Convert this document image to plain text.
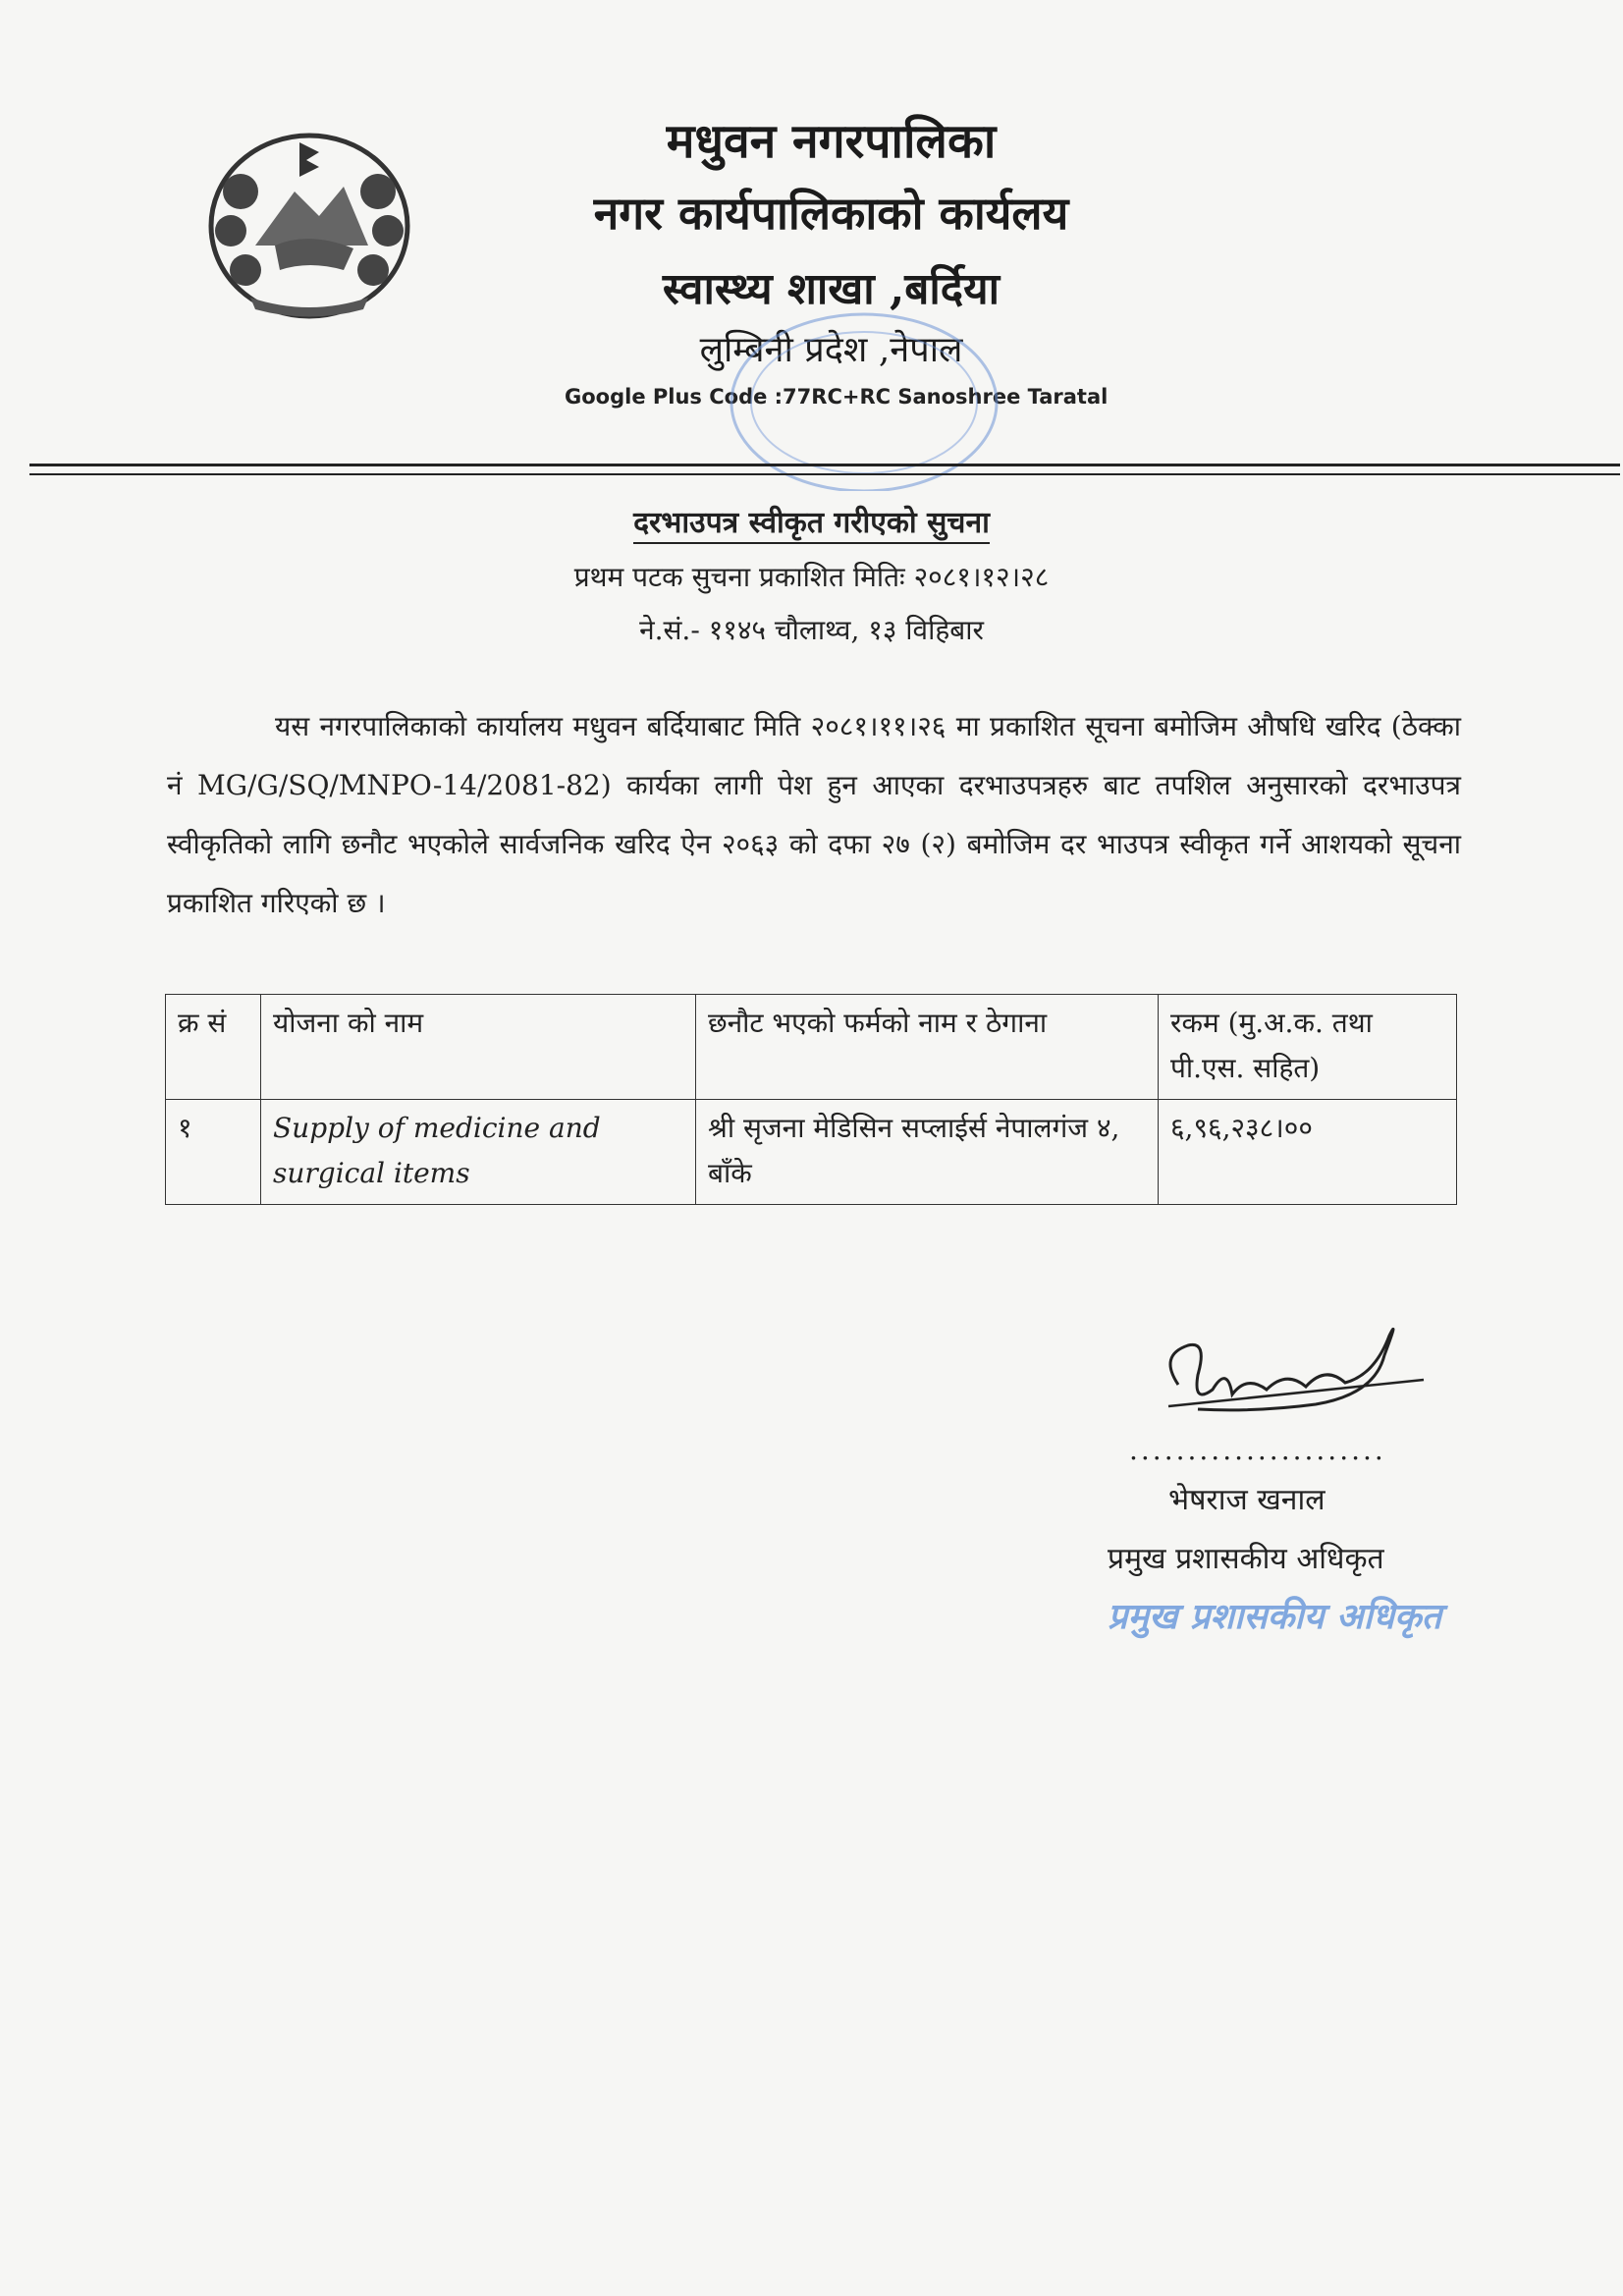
मधुवन नगरपालिका
नगर कार्यपालिकाको कार्यलय
स्वास्थ्य शाखा ,बर्दिया
लुम्बिनी प्रदेश ,नेपाल
Google Plus Code :77RC+RC Sanoshree Taratal
दरभाउपत्र स्वीकृत गरीएको सुचना
प्रथम पटक सुचना प्रकाशित मितिः २०८१।१२।२८
ने.सं.- ११४५ चौलाथ्व, १३ विहिबार
यस नगरपालिकाको कार्यालय मधुवन बर्दियाबाट मिति २०८१।११।२६ मा प्रकाशित सूचना बमोजिम औषधि खरिद (ठेक्का नं MG/G/SQ/MNPO-14/2081-82) कार्यका लागी पेश हुन आएका दरभाउपत्रहरु बाट तपशिल अनुसारको दरभाउपत्र स्वीकृतिको लागि छनौट भएकोले सार्वजनिक खरिद ऐन २०६३ को दफा २७ (२) बमोजिम दर भाउपत्र स्वीकृत गर्ने आशयको सूचना प्रकाशित गरिएको छ ।
क्र सं	योजना को नाम	छनौट भएको फर्मको नाम र ठेगाना	रकम (मु.अ.क. तथा पी.एस. सहित)
१	Supply of medicine and surgical items	श्री सृजना मेडिसिन सप्लाईर्स नेपालगंज ४, बाँके	६,९६,२३८।००
......................
भेषराज खनाल
प्रमुख प्रशासकीय अधिकृत
प्रमुख प्रशासकीय अधिकृत
